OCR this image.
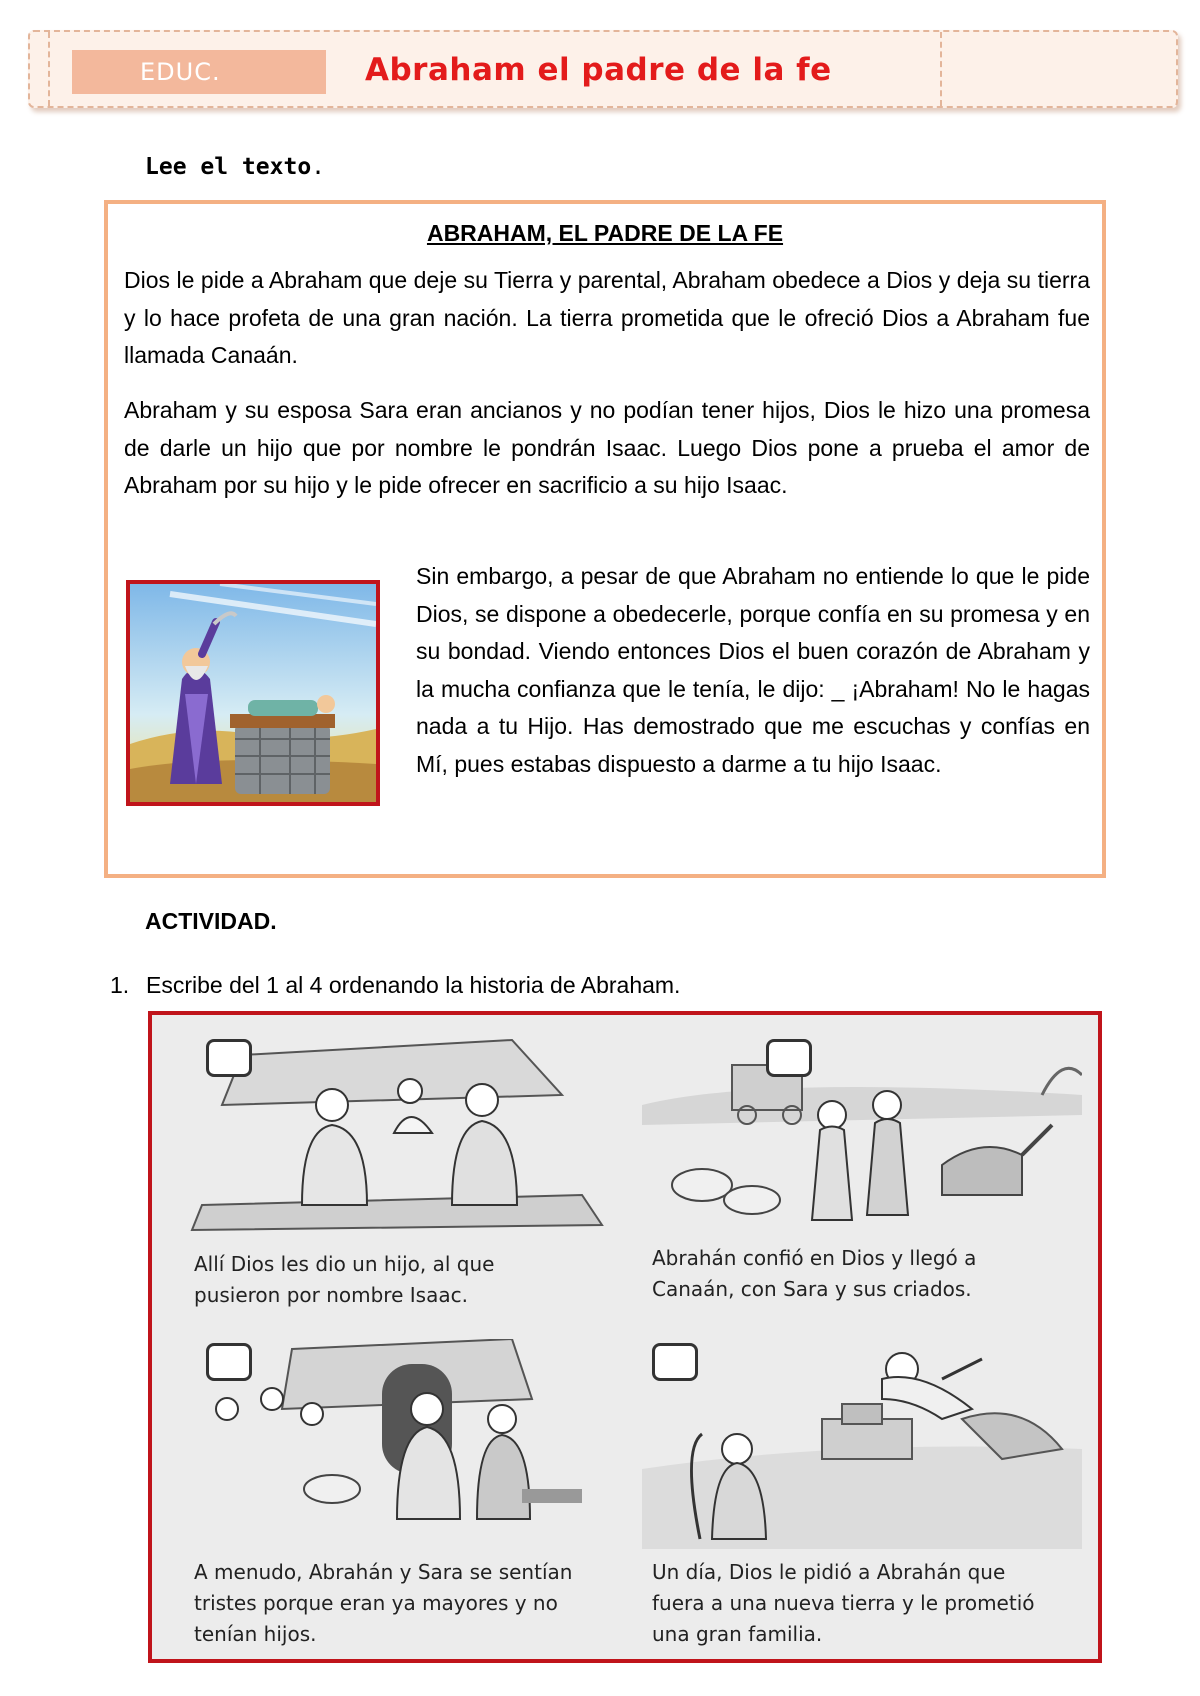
EDUC.	Abraham el padre de la fe
Lee el texto.
ABRAHAM, EL PADRE DE LA FE
Dios le pide a Abraham que deje su Tierra y parental, Abraham obedece a Dios y deja su tierra y lo hace profeta de una gran nación. La tierra prometida que le ofreció Dios a Abraham fue llamada Canaán.
Abraham y su esposa Sara eran ancianos y no podían tener hijos, Dios le hizo una promesa de darle un hijo que por nombre le pondrán Isaac. Luego Dios pone a prueba el amor de Abraham por su hijo y le pide ofrecer en sacrificio a su hijo Isaac.
Sin embargo, a pesar de que Abraham no entiende lo que le pide Dios, se dispone a obedecerle, porque confía en su promesa y en su bondad. Viendo entonces Dios el buen corazón de Abraham y la mucha confianza que le tenía, le dijo: _ ¡Abraham! No le hagas nada a tu Hijo. Has demostrado que me escuchas y confías en Mí, pues estabas dispuesto a darme a tu hijo Isaac.
ACTIVIDAD.
1. Escribe del 1 al 4 ordenando la historia de Abraham.
Allí Dios les dio un hijo, al que
pusieron por nombre Isaac.
Abrahán confió en Dios y llegó a
Canaán, con Sara y sus criados.
A menudo, Abrahán y Sara se sentían
tristes porque eran ya mayores y no
tenían hijos.
Un día, Dios le pidió a Abrahán que
fuera a una nueva tierra y le prometió
una gran familia.
